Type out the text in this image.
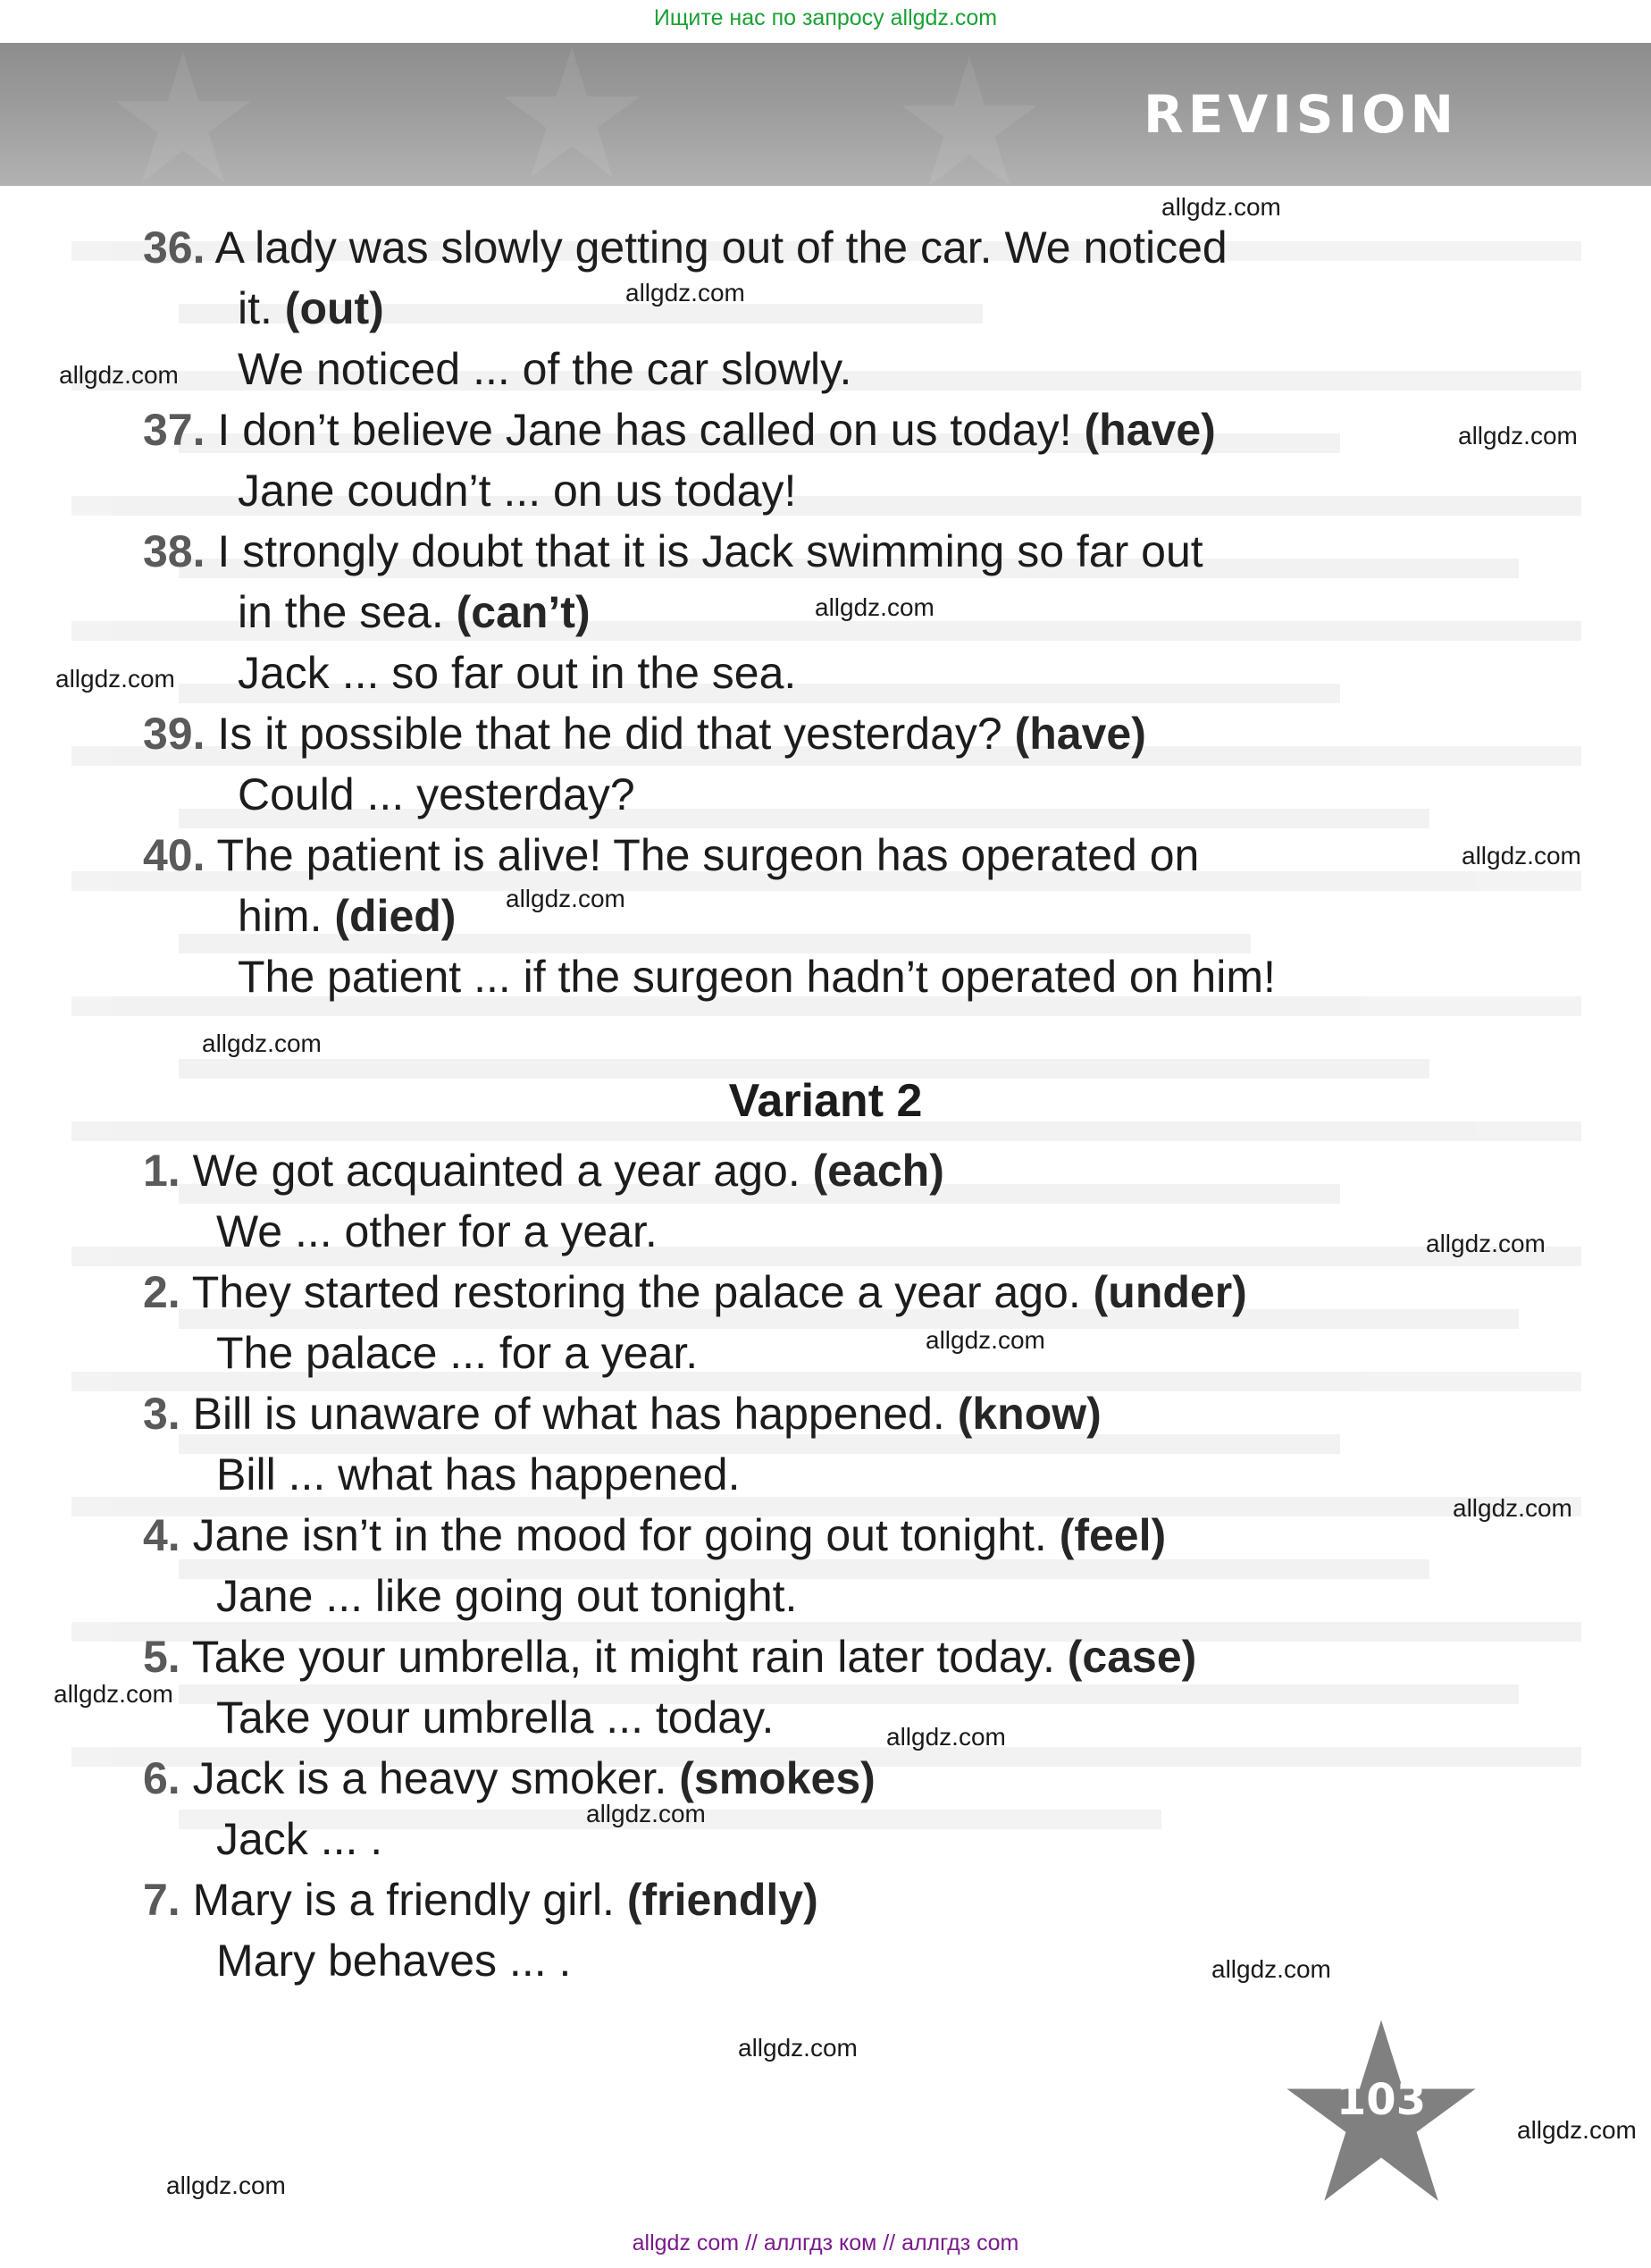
Ищите нас по запросу allgdz.com
REVISION
36. A lady was slowly getting out of the car. We noticed
it. (out)
We noticed ... of the car slowly.
37. I don’t believe Jane has called on us today! (have)
Jane coudn’t ... on us today!
38. I strongly doubt that it is Jack swimming so far out
in the sea. (can’t)
Jack ... so far out in the sea.
39. Is it possible that he did that yesterday? (have)
Could ... yesterday?
40. The patient is alive! The surgeon has operated on
him. (died)
The patient ... if the surgeon hadn’t operated on him!
Variant 2
1. We got acquainted a year ago. (each)
We ... other for a year.
2. They started restoring the palace a year ago. (under)
The palace ... for a year.
3. Bill is unaware of what has happened. (know)
Bill ... what has happened.
4. Jane isn’t in the mood for going out tonight. (feel)
Jane ... like going out tonight.
5. Take your umbrella, it might rain later today. (case)
Take your umbrella ... today.
6. Jack is a heavy smoker. (smokes)
Jack ... .
7. Mary is a friendly girl. (friendly)
Mary behaves ... .
allgdz.com
allgdz.com
allgdz.com
allgdz.com
allgdz.com
allgdz.com
allgdz.com
allgdz.com
allgdz.com
allgdz.com
allgdz.com
allgdz.com
allgdz.com
allgdz.com
allgdz.com
allgdz.com
allgdz.com
allgdz.com
allgdz.com
103
allgdz com // аллгдз ком // аллгдз com
